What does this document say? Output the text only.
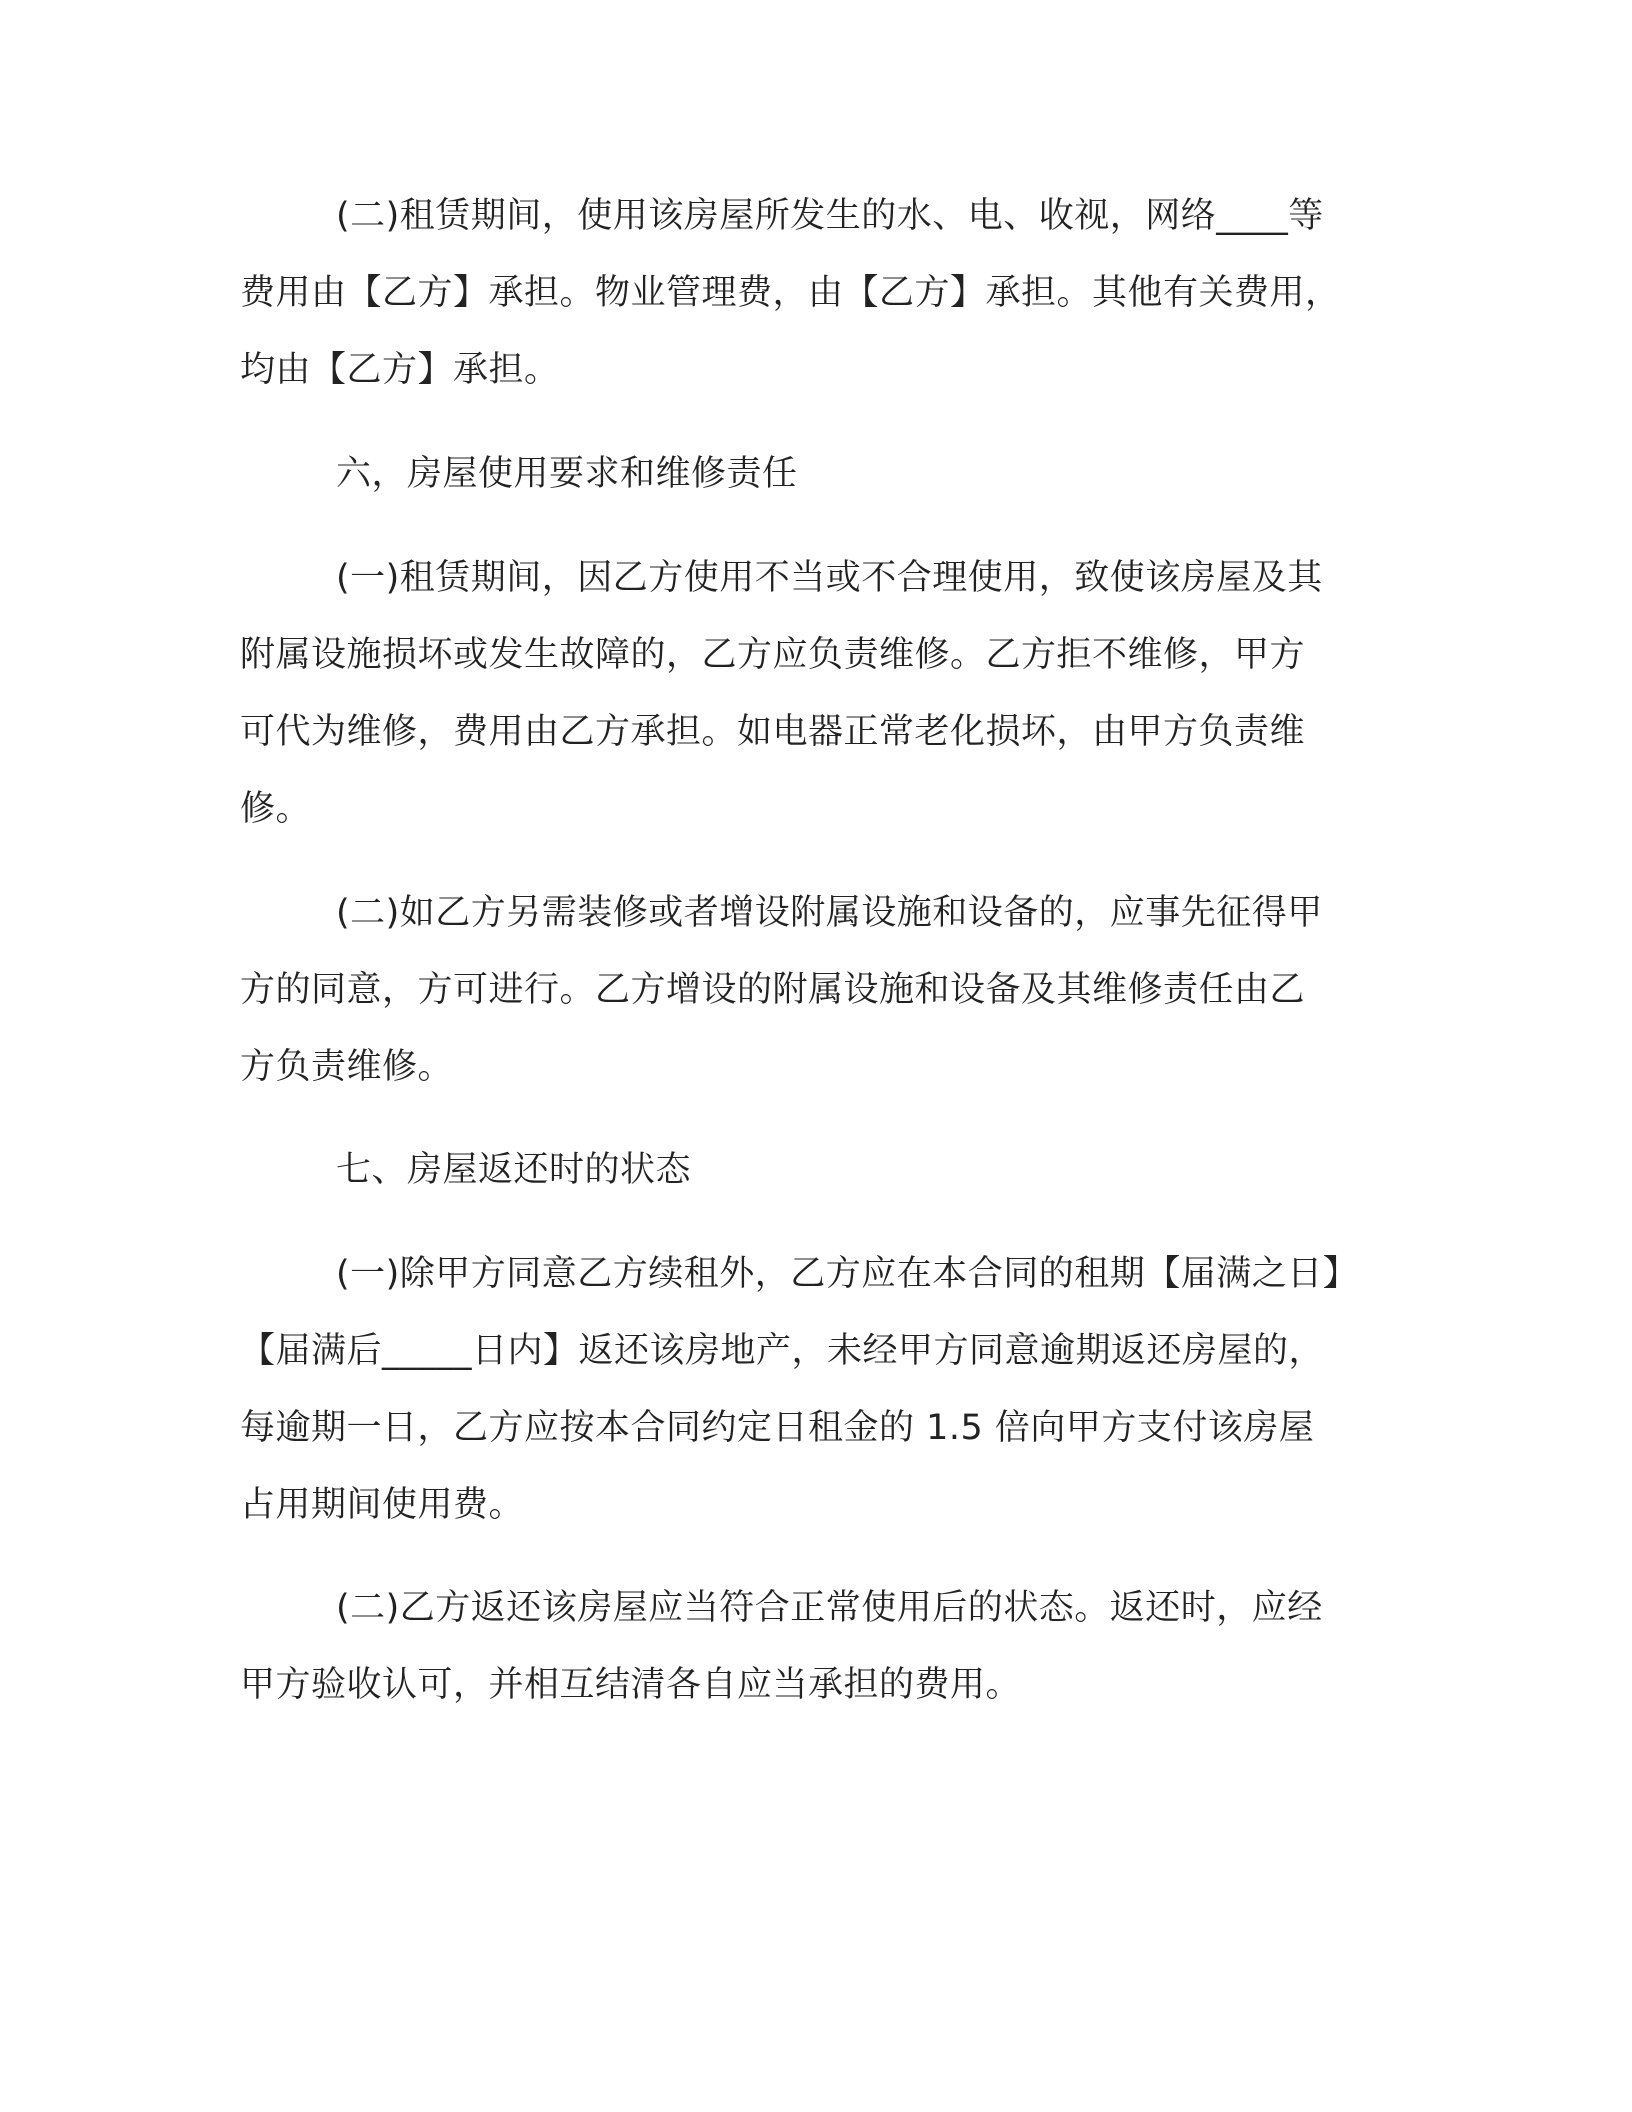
(二)租赁期间，使用该房屋所发生的水、电、收视，网络____等
费用由【乙方】承担。物业管理费，由【乙方】承担。其他有关费用，
均由【乙方】承担。
六，房屋使用要求和维修责任
(一)租赁期间，因乙方使用不当或不合理使用，致使该房屋及其
附属设施损坏或发生故障的，乙方应负责维修。乙方拒不维修，甲方
可代为维修，费用由乙方承担。如电器正常老化损坏，由甲方负责维
修。
(二)如乙方另需装修或者增设附属设施和设备的，应事先征得甲
方的同意，方可进行。乙方增设的附属设施和设备及其维修责任由乙
方负责维修。
七、房屋返还时的状态
(一)除甲方同意乙方续租外，乙方应在本合同的租期【届满之日】
【届满后_____日内】返还该房地产，未经甲方同意逾期返还房屋的，
每逾期一日，乙方应按本合同约定日租金的 1.5 倍向甲方支付该房屋
占用期间使用费。
(二)乙方返还该房屋应当符合正常使用后的状态。返还时，应经
甲方验收认可，并相互结清各自应当承担的费用。
